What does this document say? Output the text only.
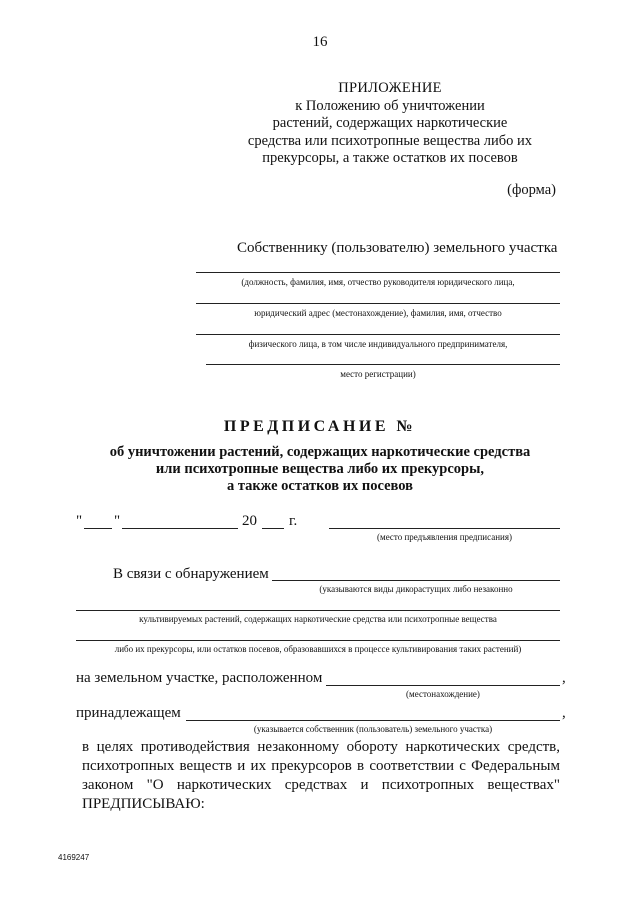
16
ПРИЛОЖЕНИЕ
к Положению об уничтожении
растений, содержащих наркотические
средства или психотропные вещества либо их
прекурсоры, а также остатков их посевов
(форма)
Собственнику (пользователю) земельного участка
(должность, фамилия, имя, отчество руководителя юридического лица,
юридический адрес (местонахождение), фамилия, имя, отчество
физического лица, в том числе индивидуального предпринимателя,
место регистрации)
ПРЕДПИСАНИЕ №
об уничтожении растений, содержащих наркотические средства
или психотропные вещества либо их прекурсоры,
а также остатков их посевов
" "	20 г.
(место предъявления предписания)
В связи с обнаружением
(указываются виды дикорастущих либо незаконно
культивируемых растений, содержащих наркотические средства или психотропные вещества
либо их прекурсоры, или остатков посевов, образовавшихся в процессе культивирования таких растений)
на земельном участке, расположенном	,
(местонахождение)
принадлежащем	,
(указывается собственник (пользователь) земельного участка)
в целях противодействия незаконному обороту наркотических средств,
психотропных веществ и их прекурсоров в соответствии с Федеральным
законом "О наркотических средствах и психотропных веществах"
ПРЕДПИСЫВАЮ:
4169247
